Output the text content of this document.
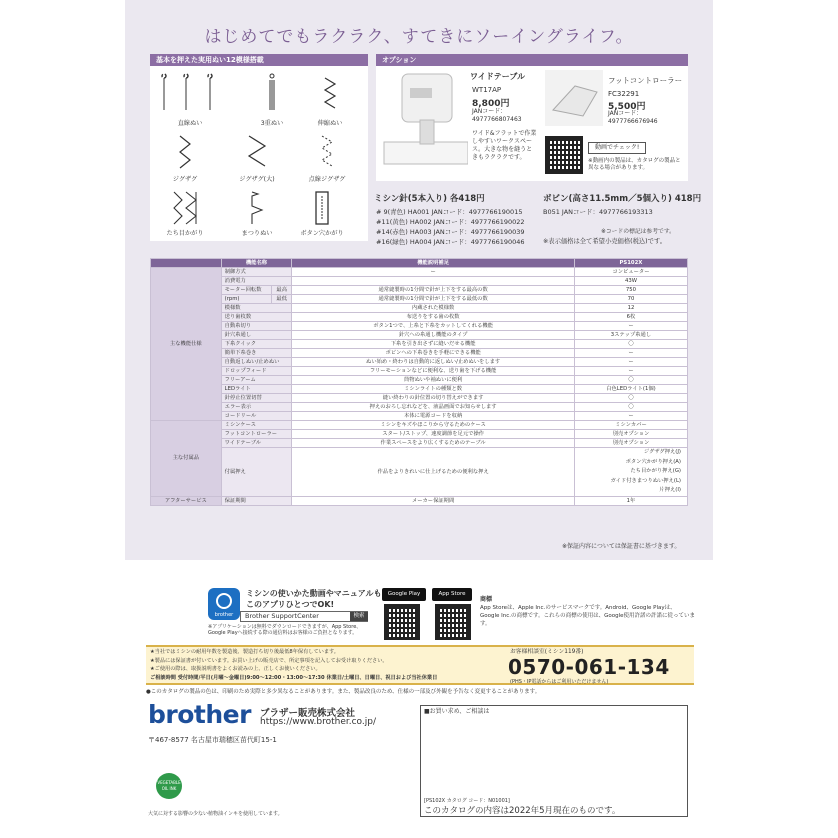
はじめてでもラクラク、すてきにソーイングライフ。
基本を押えた実用ぬい12模様搭載
直線ぬい	3重ぬい	伸縮ぬい
ジグザグ	ジグザグ(大)	点線ジグザグ
たち目かがり	まつりぬい	ボタン穴かがり
オプション
ワイドテーブル
WT17AP
8,800円
JANコード：
4977766807463
ワイド&フラットで作業しやすいワークスペース。大きな物を縫うときもラクラクです。
フットコントローラー
FC32291
5,500円
JANコード：
4977766676946
動画でチェック!
※動画内の製品は、カタログの製品と異なる場合があります。
ミシン針(5本入り) 各418円
# 9(青色) HA001 JANコード：4977766190015
#11(黄色) HA002 JANコード：4977766190022
#14(赤色) HA003 JANコード：4977766190039
#16(緑色) HA004 JANコード：4977766190046
ボビン(高さ11.5mm／5個入り) 418円
B051 JANコード：4977766193313
※コードの標記は参考です。
※表示価格は全て希望小売価格(税込)です。
	機能名称		機能説明補足	PS102X
主な機能仕様	制御方式		ー	コンピューター
	消費電力			43W
	モーター回転数	最高	通常縫製時の1分間で針が上下をする最高の数	750
	(rpm)	最低	通常縫製時の1分間で針が上下をする最低の数	70
	模様数		内蔵された模様数	12
	送り歯枚数		布送りをする歯の枚数	6枚
	自動糸切り		ボタン1つで、上糸と下糸をカットしてくれる機能	ー
	針穴糸通し		針穴への糸通し機能のタイプ	3ステップ糸通し
	下糸クイック		下糸を引き出さずに縫いだせる機能	〇
	簡単下糸巻き		ボビンへの下糸巻きを手軽にできる機能	ー
	自動返しぬい/止めぬい		ぬい始め・終わりは自動的に返しぬい/止めぬいをします	ー
	ドロップフィード		フリーモーションなどに便利な、送り歯を下げる機能	ー
	フリーアーム		筒物ぬいや袖ぬいに便利	〇
	LEDライト		ミシンライトの種類と数	白色LEDライト(1個)
	針停止位置切替		縫い終わりの針位置の切り替えができます	〇
	エラー表示		押えのおろし忘れなどを、液晶画面でお知らせします	〇
	コードリール		本体に電源コードを収納	ー
主な付属品	ミシンケース		ミシンをキズやほこりから守るためのケース	ミシンカバー
	フットコントローラー		スタート/ストップ、速度調節を足元で操作	別売オプション
	ワイドテーブル		作業スペースをより広くするためのテーブル	別売オプション
	付属押え		作品をよりきれいに仕上げるための便利な押え	ジグザグ押え(J)
ボタン穴かがり押え(A)
たち目かがり押え(G)
ガイド付きまつりぬい押え(L)
片押え(I)

アフターサービス	保証期間		メーカー保証期間	1年
※保証内容については保証書に基づきます。
brother
ミシンの使いかた動画やマニュアルも
このアプリひとつでOK!
Brother SupportCenter	検索
※アプリケーションは無料でダウンロードできますが、App Store、Google Playへ接続する際の通信料はお客様のご負担となります。
Google Play	App Store
商標
App Storeは、Apple Inc.のサービスマークです。Android、Google Playは、Google Inc.の商標です。これらの商標の使用は、Google使用許諾の許諾に従っています。
★当社ではミシンの耐用年数を製造後、製造打ち切り後最低8年保有しています。
★製品には保証書が付いています。お買い上げの販売店で、所定事項を記入してお受け取りください。
★ご使用の際は、取扱説明書をよくお読みの上、正しくお使いください。
ご相談時間 受付時間/平日(月曜〜金曜日)9:00〜12:00・13:00〜17:30 休業日/土曜日、日曜日、祝日および当社休業日
お客様相談室(ミシン119番)
0570-061-134
(PHS・IP電話からはご利用いただけません)
●このカタログの製品の色は、印刷のため実際と多少異なることがあります。また、製品改良のため、仕様の一部及び外観を予告なく変更することがあります。
brother ブラザー販売株式会社
https://www.brother.co.jp/
〒467-8577 名古屋市瑞穂区苗代町15-1
VEGETABLE
OIL INK
大気に対する影響の少ない植物油インキを使用しています。
■お買い求め、ご相談は
[PS102X カタログ コード：N01001]
このカタログの内容は2022年5月現在のものです。
